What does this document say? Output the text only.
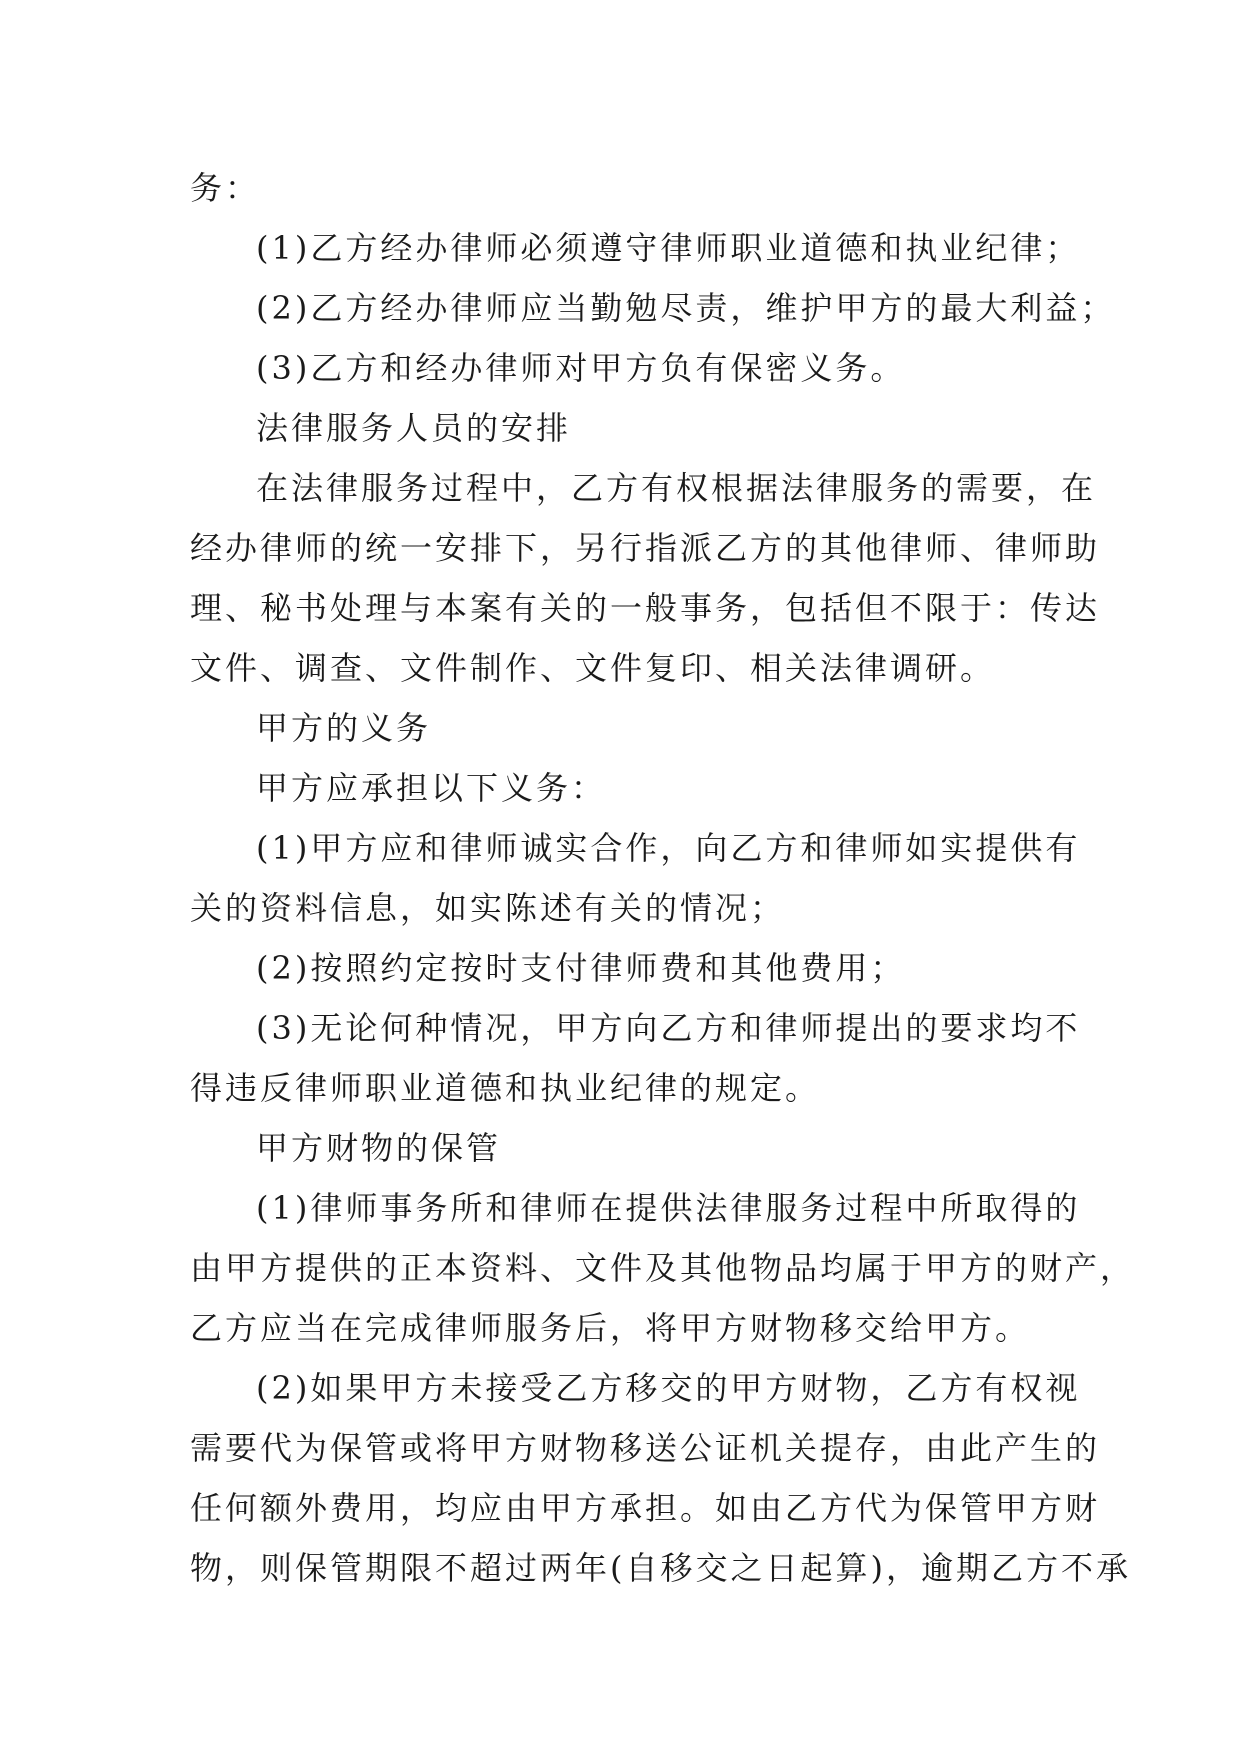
务：
(1)乙方经办律师必须遵守律师职业道德和执业纪律；
(2)乙方经办律师应当勤勉尽责，维护甲方的最大利益；
(3)乙方和经办律师对甲方负有保密义务。
法律服务人员的安排
在法律服务过程中，乙方有权根据法律服务的需要，在
经办律师的统一安排下，另行指派乙方的其他律师、律师助
理、秘书处理与本案有关的一般事务，包括但不限于：传达
文件、调查、文件制作、文件复印、相关法律调研。
甲方的义务
甲方应承担以下义务：
(1)甲方应和律师诚实合作，向乙方和律师如实提供有
关的资料信息，如实陈述有关的情况；
(2)按照约定按时支付律师费和其他费用；
(3)无论何种情况，甲方向乙方和律师提出的要求均不
得违反律师职业道德和执业纪律的规定。
甲方财物的保管
(1)律师事务所和律师在提供法律服务过程中所取得的
由甲方提供的正本资料、文件及其他物品均属于甲方的财产，
乙方应当在完成律师服务后，将甲方财物移交给甲方。
(2)如果甲方未接受乙方移交的甲方财物，乙方有权视
需要代为保管或将甲方财物移送公证机关提存，由此产生的
任何额外费用，均应由甲方承担。如由乙方代为保管甲方财
物，则保管期限不超过两年(自移交之日起算)，逾期乙方不承
